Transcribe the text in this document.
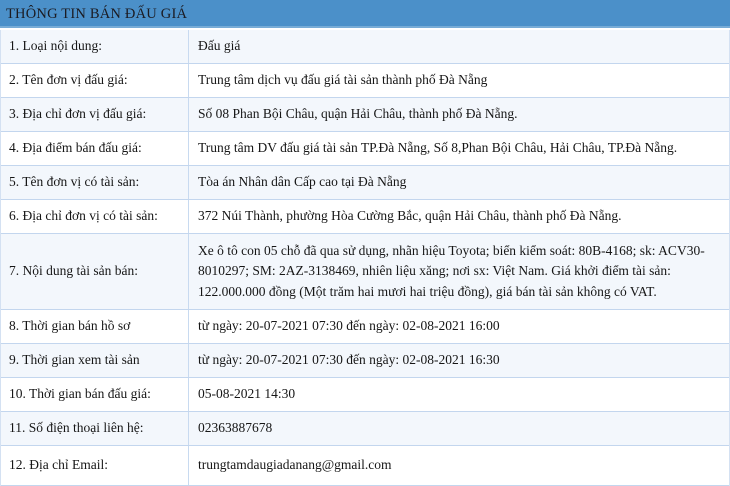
THÔNG TIN BÁN ĐẤU GIÁ
1. Loại nội dung:	Đấu giá
2. Tên đơn vị đấu giá:	Trung tâm dịch vụ đấu giá tài sản thành phố Đà Nẵng
3. Địa chỉ đơn vị đấu giá:	Số 08 Phan Bội Châu, quận Hải Châu, thành phố Đà Nẵng.
4. Địa điểm bán đấu giá:	Trung tâm DV đấu giá tài sản TP.Đà Nẵng, Số 8,Phan Bội Châu, Hải Châu, TP.Đà Nẵng.
5. Tên đơn vị có tài sản:	Tòa án Nhân dân Cấp cao tại Đà Nẵng
6. Địa chỉ đơn vị có tài sản:	372 Núi Thành, phường Hòa Cường Bắc, quận Hải Châu, thành phố Đà Nẵng.
7. Nội dung tài sản bán:
Xe ô tô con 05 chỗ đã qua sử dụng, nhãn hiệu Toyota; biển kiểm soát: 80B-4168; sk: ACV30-8010297; SM: 2AZ-3138469, nhiên liệu xăng; nơi sx: Việt Nam. Giá khởi điểm tài sản: 122.000.000 đồng (Một trăm hai mươi hai triệu đồng), giá bán tài sản không có VAT.
8. Thời gian bán hồ sơ	từ ngày: 20-07-2021 07:30 đến ngày: 02-08-2021 16:00
9. Thời gian xem tài sản	từ ngày: 20-07-2021 07:30 đến ngày: 02-08-2021 16:30
10. Thời gian bán đấu giá:	05-08-2021 14:30
11. Số điện thoại liên hệ:	02363887678
12. Địa chỉ Email:	trungtamdaugiadanang@gmail.com
